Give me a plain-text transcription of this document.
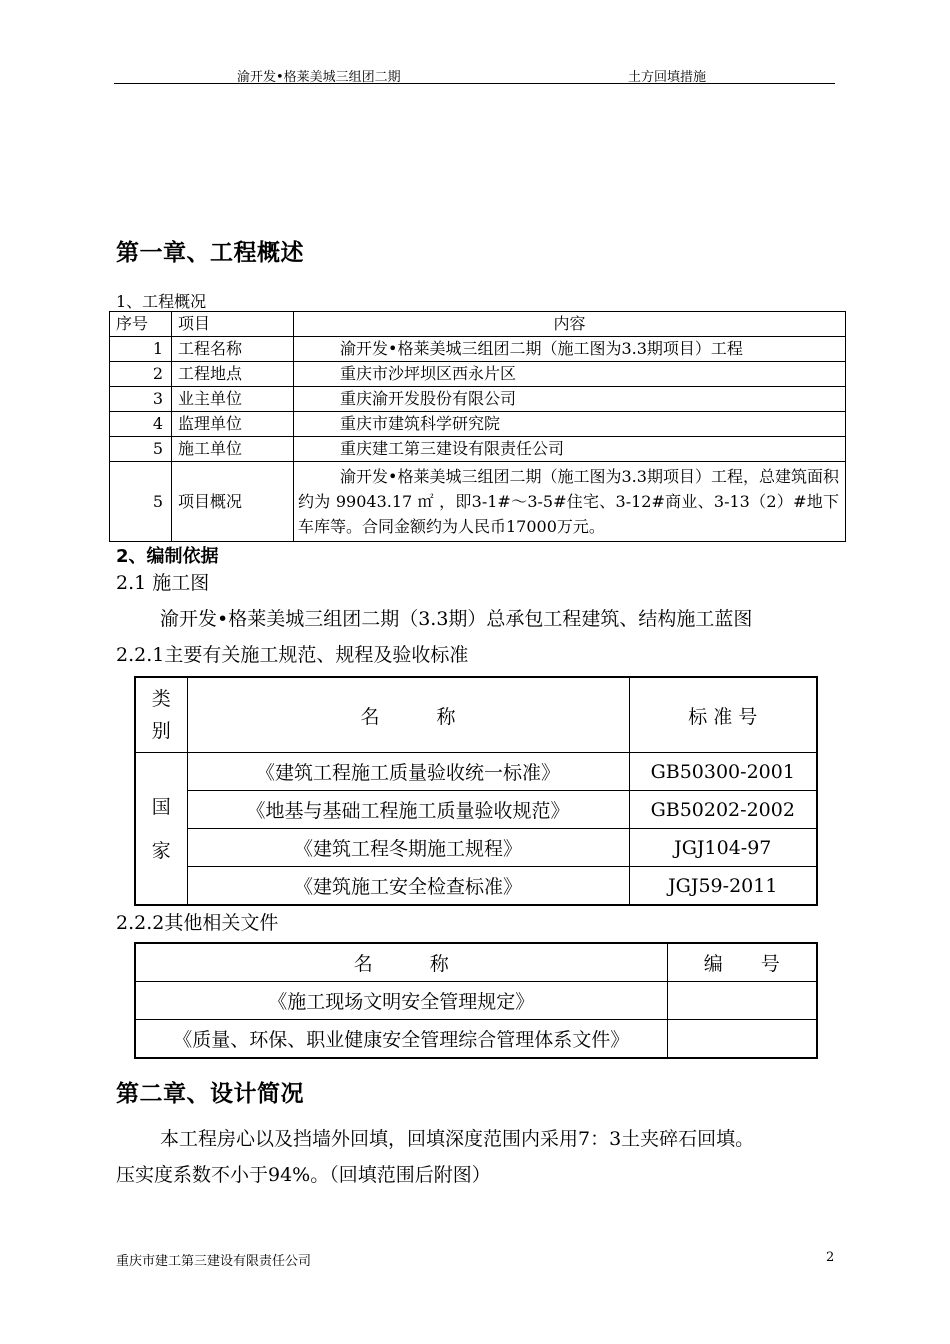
渝开发•格莱美城三组团二期	土方回填措施
第一章、工程概述
1、工程概况
序号	项目	内容
1	工程名称	渝开发•格莱美城三组团二期（施工图为3.3期项目）工程
2	工程地点	重庆市沙坪坝区西永片区
3	业主单位	重庆渝开发股份有限公司
4	监理单位	重庆市建筑科学研究院
5	施工单位	重庆建工第三建设有限责任公司
5	项目概况	渝开发•格莱美城三组团二期（施工图为3.3期项目）工程，总建筑面积约为 99043.17 ㎡ ，即3-1#～3-5#住宅、3-12#商业、3-13（2）#地下车库等。合同金额约为人民币17000万元。
2、编制依据
2.1 施工图
渝开发•格莱美城三组团二期（3.3期）总承包工程建筑、结构施工蓝图
2.2.1主要有关施工规范、规程及验收标准
类别	名　　　称	标 准 号

国家	《建筑工程施工质量验收统一标准》	GB50300-2001
	《地基与基础工程施工质量验收规范》	GB50202-2002
	《建筑工程冬期施工规程》	JGJ104-97
	《建筑施工安全检查标准》	JGJ59-2011
2.2.2其他相关文件
名　　　称	编　　号
《施工现场文明安全管理规定》	
《质量、环保、职业健康安全管理综合管理体系文件》	
第二章、设计简况
本工程房心以及挡墙外回填，回填深度范围内采用7：3土夹碎石回填。
压实度系数不小于94%。（回填范围后附图）
重庆市建工第三建设有限责任公司	2
